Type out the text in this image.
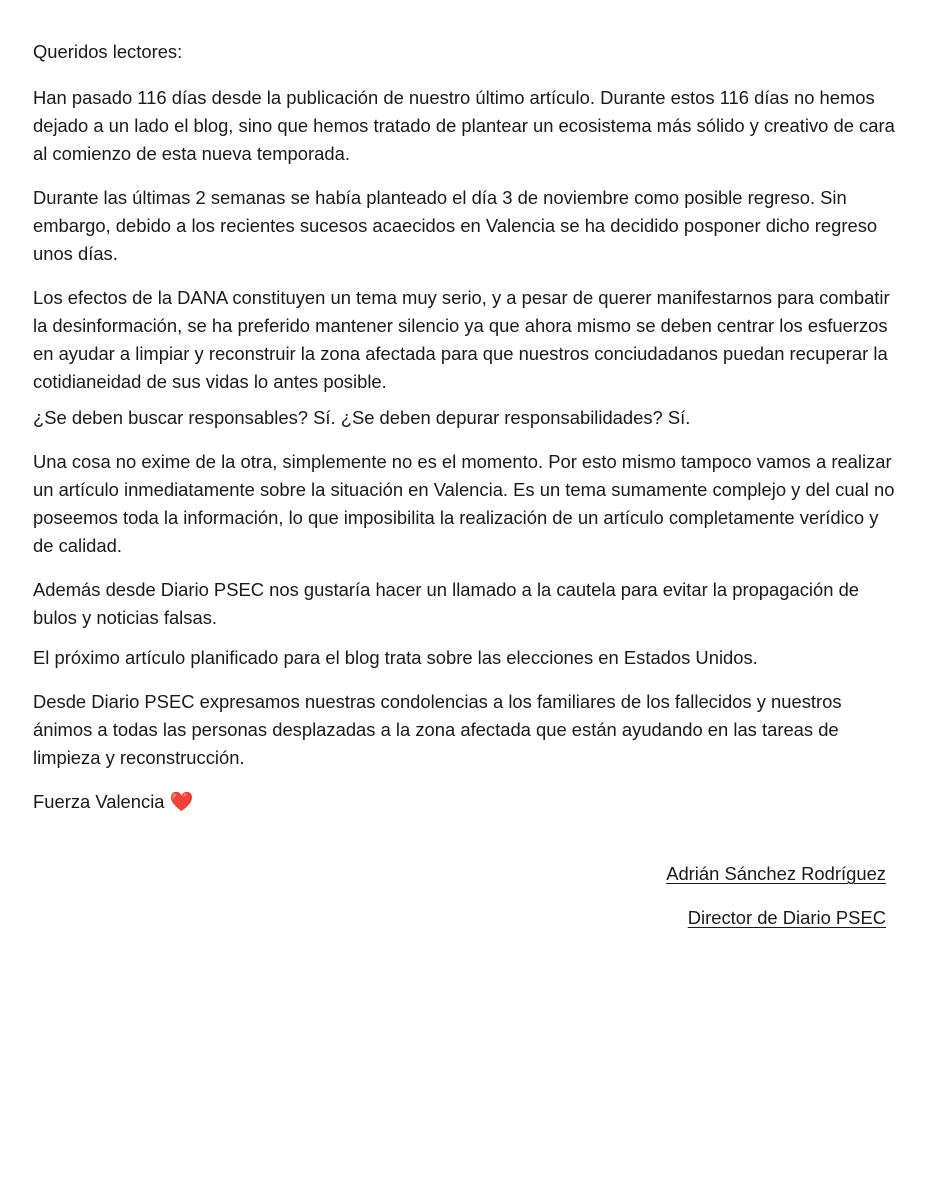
Queridos lectores:

Han pasado 116 días desde la publicación de nuestro último artículo. Durante estos 116 días no hemos dejado a un lado el blog, sino que hemos tratado de plantear un ecosistema más sólido y creativo de cara al comienzo de esta nueva temporada.

Durante las últimas 2 semanas se había planteado el día 3 de noviembre como posible regreso. Sin embargo, debido a los recientes sucesos acaecidos en Valencia se ha decidido posponer dicho regreso unos días.

Los efectos de la DANA constituyen un tema muy serio, y a pesar de querer manifestarnos para combatir la desinformación, se ha preferido mantener silencio ya que ahora mismo se deben centrar los esfuerzos en ayudar a limpiar y reconstruir la zona afectada para que nuestros conciudadanos puedan recuperar la cotidianeidad de sus vidas lo antes posible.

¿Se deben buscar responsables? Sí. ¿Se deben depurar responsabilidades? Sí.

Una cosa no exime de la otra, simplemente no es el momento. Por esto mismo tampoco vamos a realizar un artículo inmediatamente sobre la situación en Valencia. Es un tema sumamente complejo y del cual no poseemos toda la información, lo que imposibilita la realización de un artículo completamente verídico y de calidad.

Además desde Diario PSEC nos gustaría hacer un llamado a la cautela para evitar la propagación de bulos y noticias falsas.

El próximo artículo planificado para el blog trata sobre las elecciones en Estados Unidos.

Desde Diario PSEC expresamos nuestras condolencias a los familiares de los fallecidos y nuestros ánimos a todas las personas desplazadas a la zona afectada que están ayudando en las tareas de limpieza y reconstrucción.

Fuerza Valencia ❤️

Adrián Sánchez Rodríguez
Director de Diario PSEC
